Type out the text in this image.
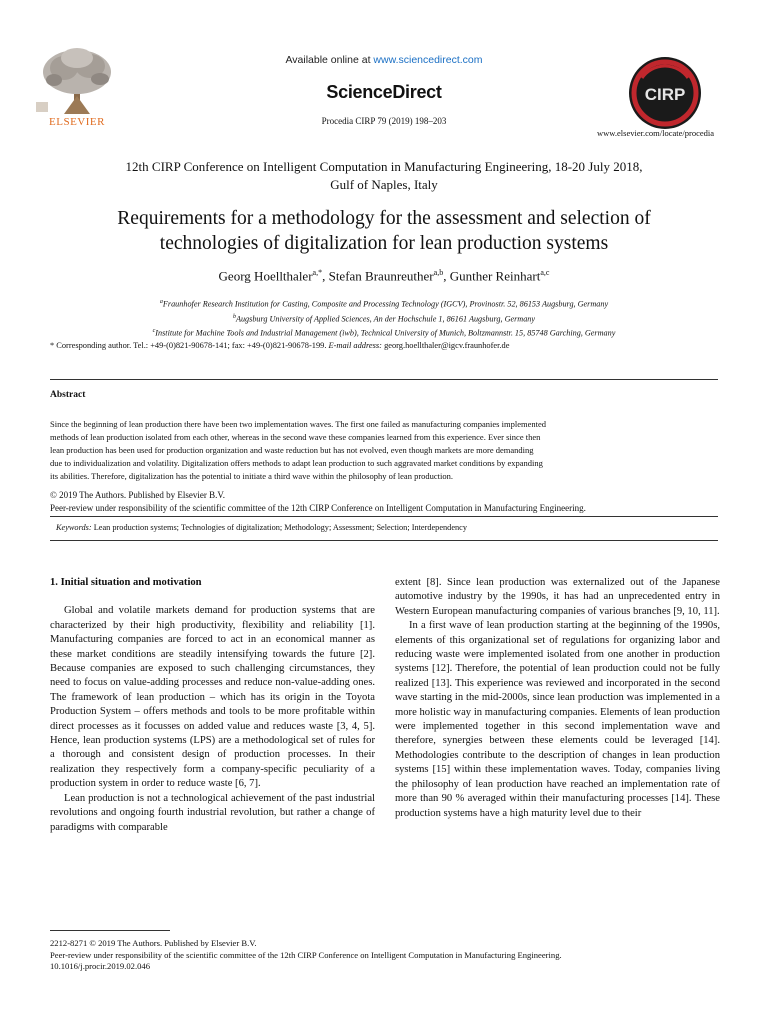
ELSEVIER
Available online at www.sciencedirect.com
ScienceDirect
Procedia CIRP 79 (2019) 198–203
CIRP
www.elsevier.com/locate/procedia
12th CIRP Conference on Intelligent Computation in Manufacturing Engineering, 18-20 July 2018,
Gulf of Naples, Italy
Requirements for a methodology for the assessment and selection of
technologies of digitalization for lean production systems
Georg Hoellthaler$^{a,*}$, Stefan Braunreuther$^{a,b}$, Gunther Reinhart$^{a,c}$
$^a$Fraunhofer Research Institution for Casting, Composite and Processing Technology (IGCV), Provinostr. 52, 86153 Augsburg, Germany
$^b$Augsburg University of Applied Sciences, An der Hochschule 1, 86161 Augsburg, Germany
$^c$Institute for Machine Tools and Industrial Management (iwb), Technical University of Munich, Boltzmannstr. 15, 85748 Garching, Germany
* Corresponding author. Tel.: +49-(0)821-90678-141; fax: +49-(0)821-90678-199. E-mail address: georg.hoellthaler@igcv.fraunhofer.de
Abstract
Since the beginning of lean production there have been two implementation waves. The first one failed as manufacturing companies implemented
methods of lean production isolated from each other, whereas in the second wave these companies learned from this experience. Ever since then
lean production has been used for production organization and waste reduction but has not evolved, even though markets are more demanding
due to individualization and volatility. Digitalization offers methods to adapt lean production to such aggravated market conditions by expanding
its abilities. Therefore, digitalization has the potential to initiate a third wave within the philosophy of lean production.
© 2019 The Authors. Published by Elsevier B.V.
Peer-review under responsibility of the scientific committee of the 12th CIRP Conference on Intelligent Computation in Manufacturing Engineering.
Keywords: Lean production systems; Technologies of digitalization; Methodology; Assessment; Selection; Interdependency

1. Initial situation and motivation

Global and volatile markets demand for production systems that are characterized by their high productivity, flexibility and reliability [1]. Manufacturing companies are forced to act in an economical manner as these market conditions are steadily intensifying towards the future [2]. Because companies are exposed to such challenging circumstances, they need to focus on value-adding processes and reduce non-value-adding ones. The framework of lean production – which has its origin in the Toyota Production System – offers methods and tools to be more profitable within direct processes as it focusses on added value and reduces waste [3, 4, 5]. Hence, lean production systems (LPS) are a methodological set of rules for a thorough and consistent design of production processes. In their realization they respectively form a company-specific peculiarity of a production system in order to reduce waste [6, 7].

Lean production is not a technological achievement of the past industrial revolutions and ongoing fourth industrial revolution, but rather a change of paradigms with comparable

extent [8]. Since lean production was externalized out of the Japanese automotive industry by the 1990s, it has had an unprecedented entry in Western European manufacturing companies of various branches [9, 10, 11].

In a first wave of lean production starting at the beginning of the 1990s, elements of this organizational set of regulations for organizing labor and reducing waste were implemented isolated from one another in production systems [12]. Therefore, the potential of lean production could not be fully realized [13]. This experience was reviewed and incorporated in the second wave starting in the mid-2000s, since lean production was implemented in a more holistic way in manufacturing companies. Elements of lean production were implemented together in this second implementation wave and therefore, synergies between these elements could be leveraged [14]. Methodologies contribute to the description of changes in lean production systems [15] within these implementation waves. Today, companies living the philosophy of lean production have reached an implementation rate of more than 90 % averaged within their manufacturing processes [14]. These production systems have a high maturity level due to their

2212-8271 © 2019 The Authors. Published by Elsevier B.V.
Peer-review under responsibility of the scientific committee of the 12th CIRP Conference on Intelligent Computation in Manufacturing Engineering.
10.1016/j.procir.2019.02.046
